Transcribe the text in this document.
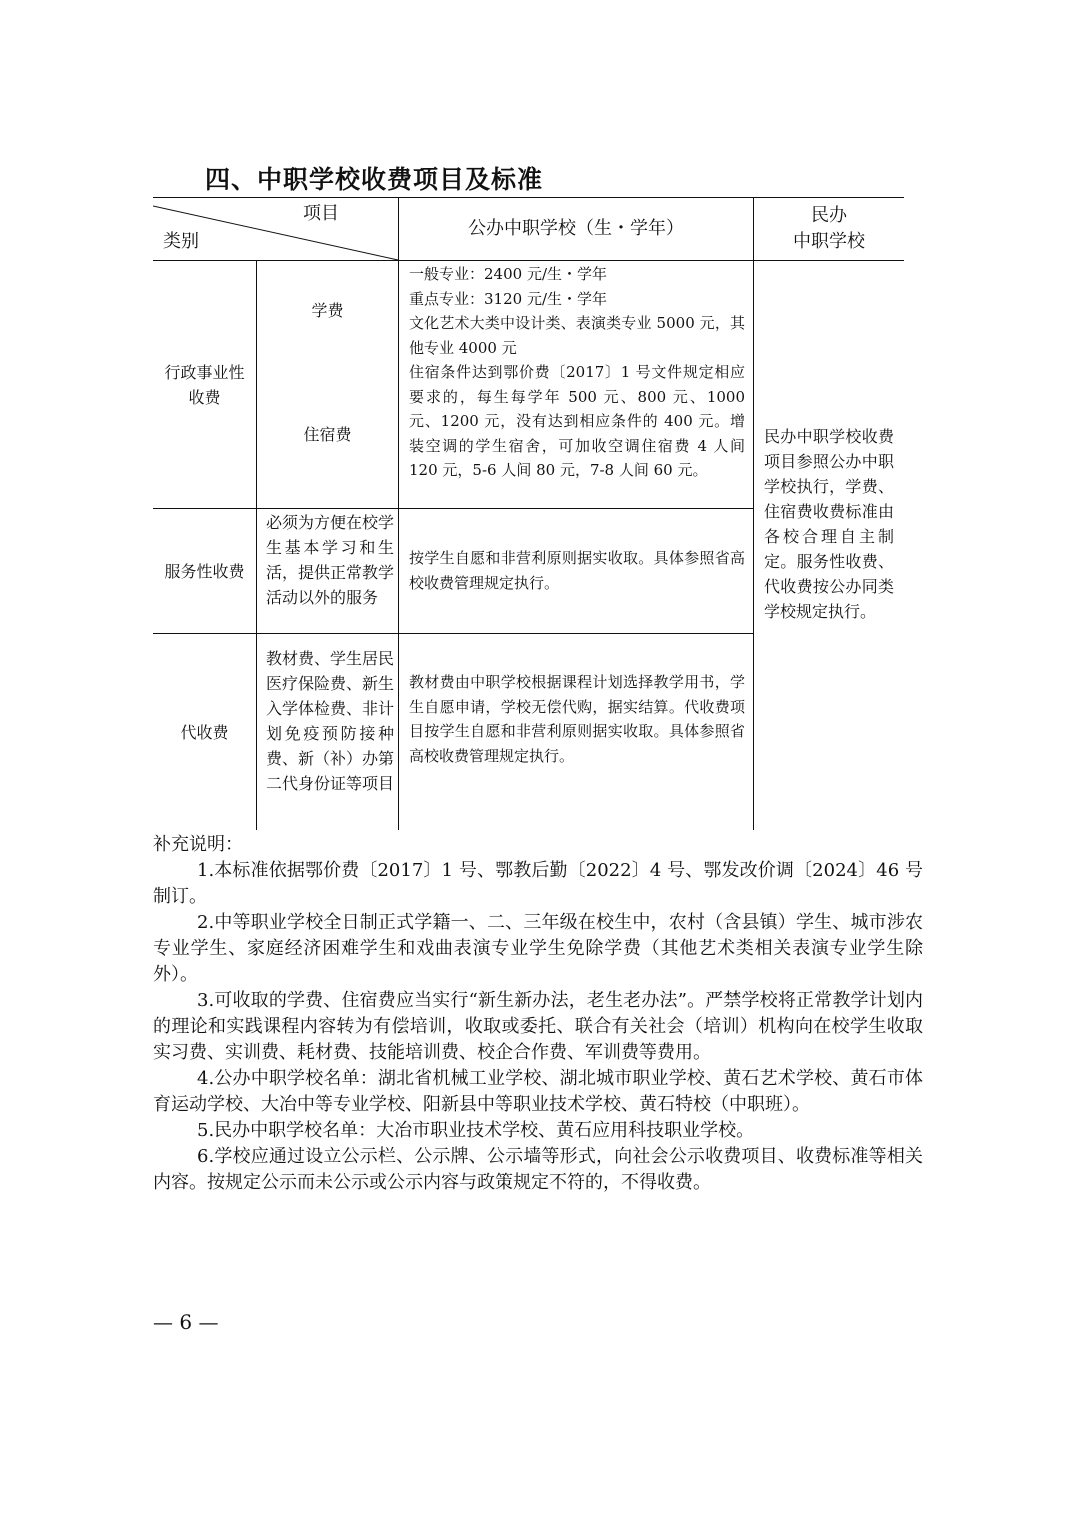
四、中职学校收费项目及标准
项目
类别
公办中职学校（生・学年）
民办
中职学校
行政事业性收费
服务性收费
代收费
学费
住宿费
必须为方便在校学生基本学习和生活，提供正常教学活动以外的服务
教材费、学生居民医疗保险费、新生入学体检费、非计划免疫预防接种费、新（补）办第二代身份证等项目
一般专业：2400 元/生・学年
重点专业：3120 元/生・学年
文化艺术大类中设计类、表演类专业 5000 元，其他专业 4000 元
住宿条件达到鄂价费〔2017〕1 号文件规定相应要求的，每生每学年 500 元、800 元、1000 元、1200 元，没有达到相应条件的 400 元。增装空调的学生宿舍，可加收空调住宿费 4 人间 120 元，5-6 人间 80 元，7-8 人间 60 元。
按学生自愿和非营利原则据实收取。具体参照省高校收费管理规定执行。
教材费由中职学校根据课程计划选择教学用书，学生自愿申请，学校无偿代购，据实结算。代收费项目按学生自愿和非营利原则据实收取。具体参照省高校收费管理规定执行。
民办中职学校收费项目参照公办中职学校执行，学费、住宿费收费标准由各校合理自主制定。服务性收费、代收费按公办同类学校规定执行。

补充说明：

1.本标准依据鄂价费〔2017〕1 号、鄂教后勤〔2022〕4 号、鄂发改价调〔2024〕46 号制订。

2.中等职业学校全日制正式学籍一、二、三年级在校生中，农村（含县镇）学生、城市涉农专业学生、家庭经济困难学生和戏曲表演专业学生免除学费（其他艺术类相关表演专业学生除外）。

3.可收取的学费、住宿费应当实行“新生新办法，老生老办法”。严禁学校将正常教学计划内的理论和实践课程内容转为有偿培训，收取或委托、联合有关社会（培训）机构向在校学生收取实习费、实训费、耗材费、技能培训费、校企合作费、军训费等费用。

4.公办中职学校名单：湖北省机械工业学校、湖北城市职业学校、黄石艺术学校、黄石市体育运动学校、大冶中等专业学校、阳新县中等职业技术学校、黄石特校（中职班）。

5.民办中职学校名单：大冶市职业技术学校、黄石应用科技职业学校。

6.学校应通过设立公示栏、公示牌、公示墙等形式，向社会公示收费项目、收费标准等相关内容。按规定公示而未公示或公示内容与政策规定不符的，不得收费。

— 6 —
